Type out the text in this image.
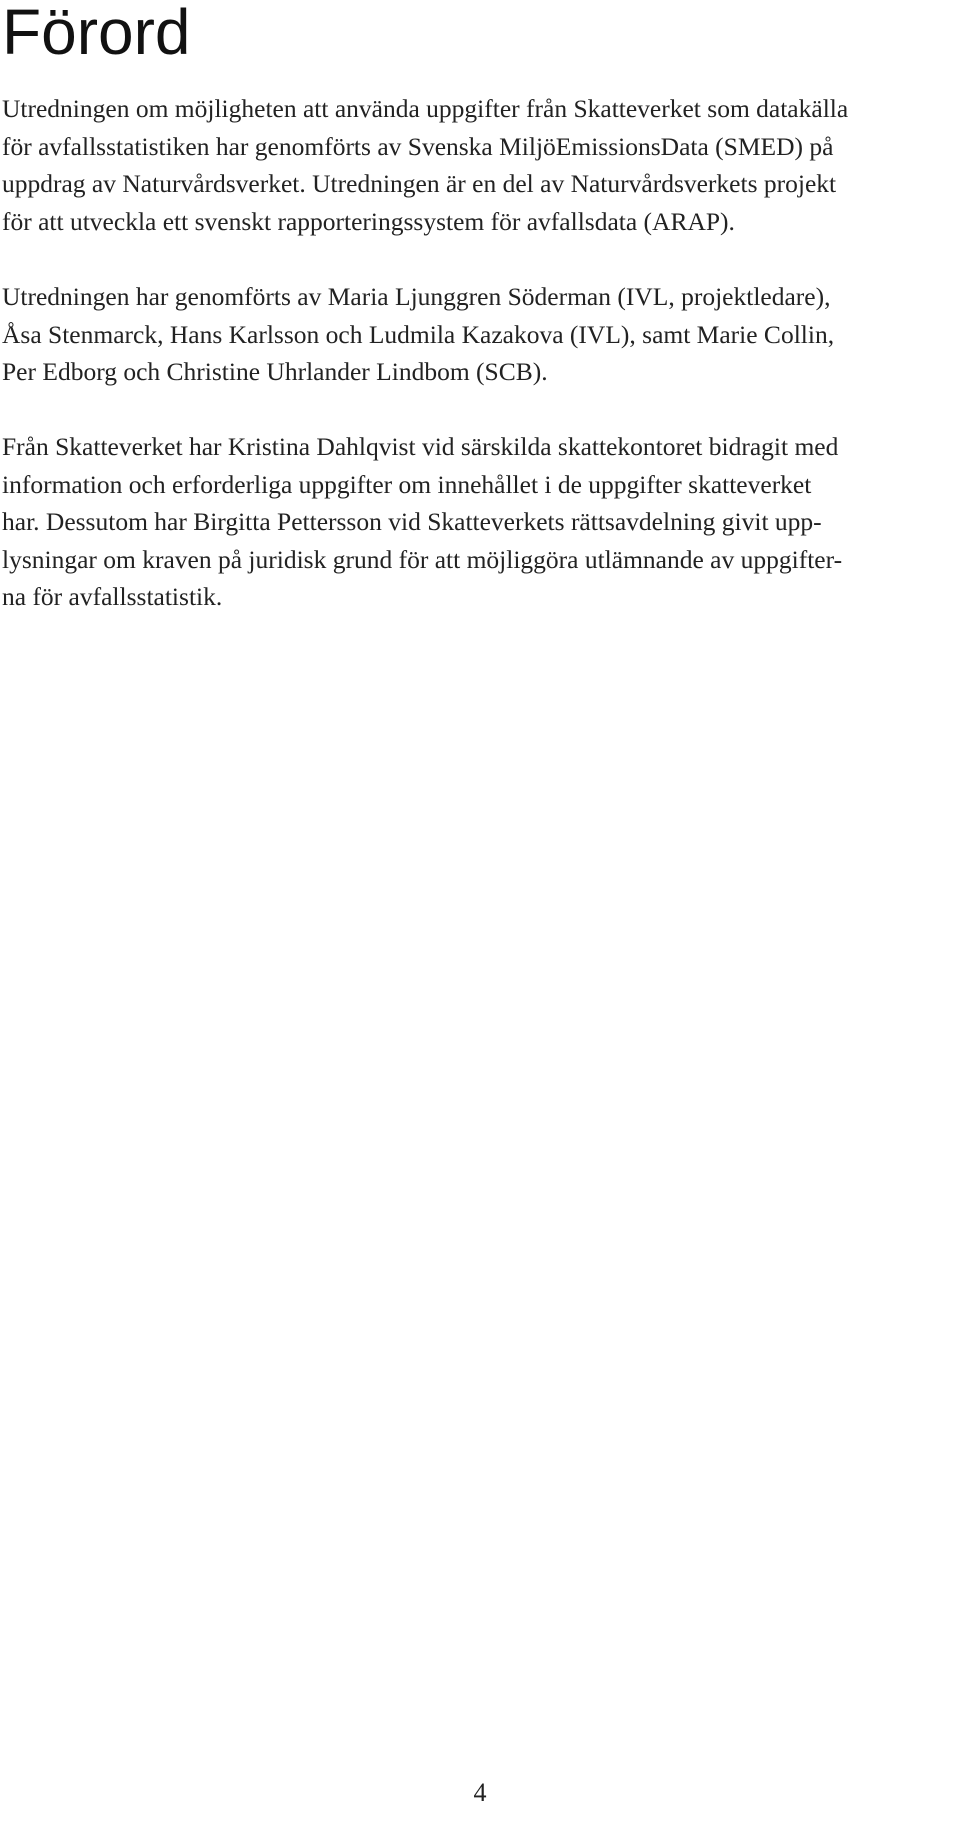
Förord

Utredningen om möjligheten att använda uppgifter från Skatteverket som datakälla
för avfallsstatistiken har genomförts av Svenska MiljöEmissionsData (SMED) på
uppdrag av Naturvårdsverket. Utredningen är en del av Naturvårdsverkets projekt
för att utveckla ett svenskt rapporteringssystem för avfallsdata (ARAP).

Utredningen har genomförts av Maria Ljunggren Söderman (IVL, projektledare),
Åsa Stenmarck, Hans Karlsson och Ludmila Kazakova (IVL), samt Marie Collin,
Per Edborg och Christine Uhrlander Lindbom (SCB).

Från Skatteverket har Kristina Dahlqvist vid särskilda skattekontoret bidragit med
information och erforderliga uppgifter om innehållet i de uppgifter skatteverket
har. Dessutom har Birgitta Pettersson vid Skatteverkets rättsavdelning givit upp-
lysningar om kraven på juridisk grund för att möjliggöra utlämnande av uppgifter-
na för avfallsstatistik.

4
